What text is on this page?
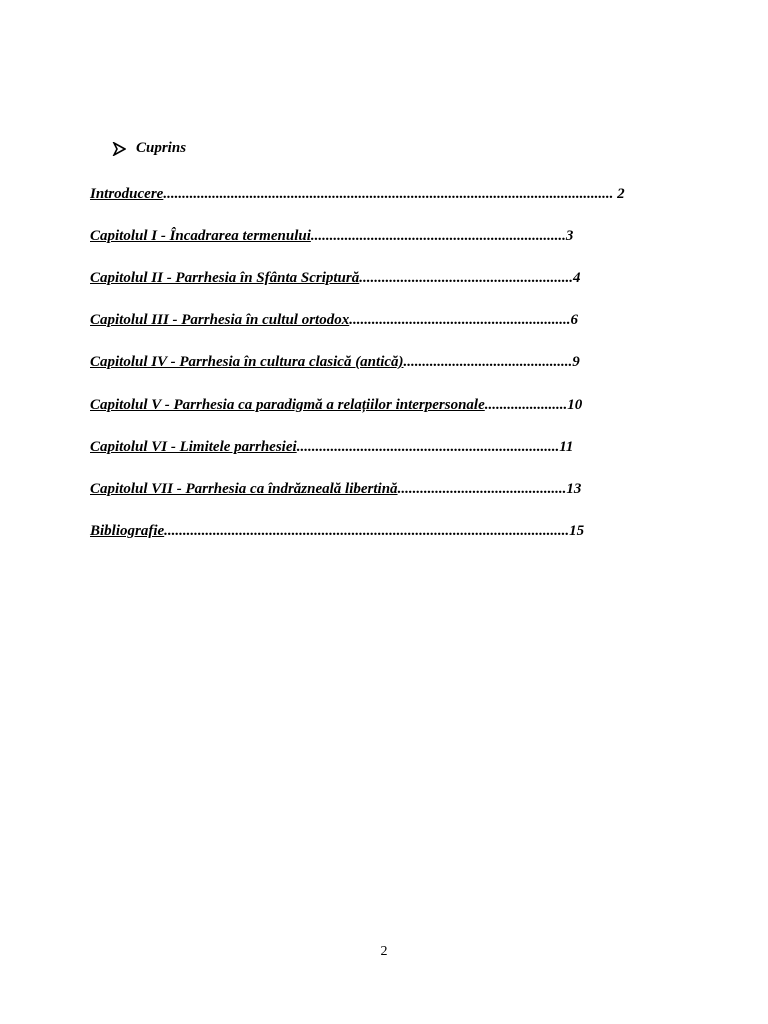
Cuprins
Introducere........................................................................................................................ 2
Capitolul I - Încadrarea termenului....................................................................3
Capitolul II - Parrhesia în Sfânta Scriptură.........................................................4
Capitolul III - Parrhesia în cultul ortodox...........................................................6
Capitolul IV - Parrhesia în cultura clasică (antică).............................................9
Capitolul V - Parrhesia ca paradigmă a relațiilor interpersonale......................10
Capitolul VI - Limitele parrhesiei......................................................................11
Capitolul VII - Parrhesia ca îndrăzneală libertină.............................................13
Bibliografie............................................................................................................15
2
